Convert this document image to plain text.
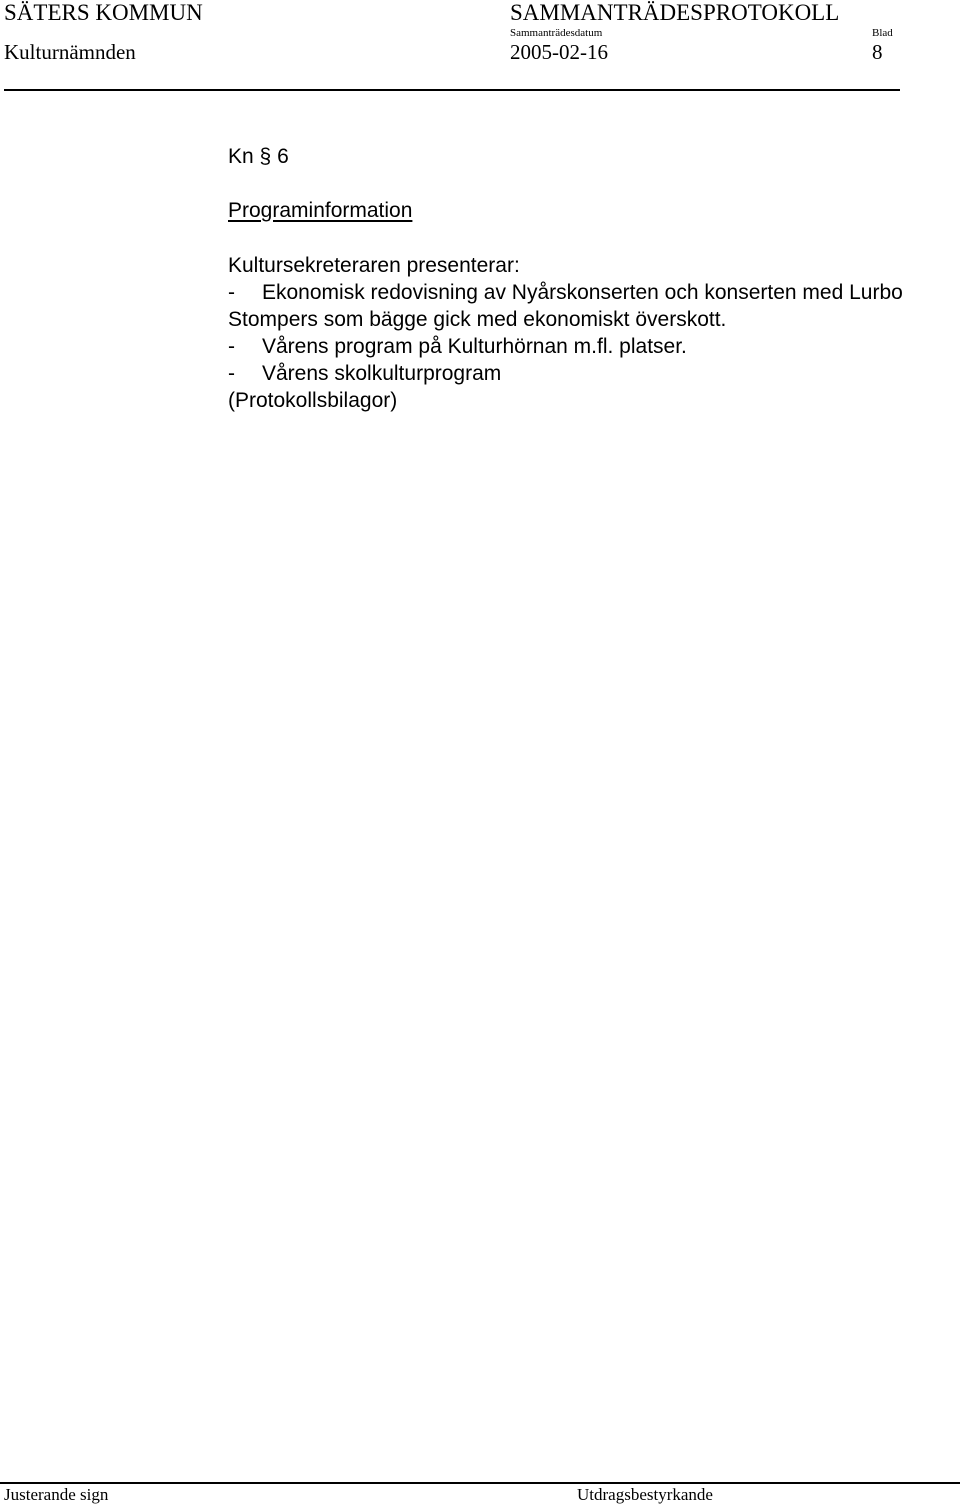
SÄTERS KOMMUN	SAMMANTRÄDESPROTOKOLL
Sammanträdesdatum	Blad
Kulturnämnden	2005-02-16	8
Kn § 6
Programinformation
Kultursekreteraren presenterar:
- Ekonomisk redovisning av Nyårskonserten och konserten med Lurbo
Stompers som bägge gick med ekonomiskt överskott.
- Vårens program på Kulturhörnan m.fl. platser.
- Vårens skolkulturprogram
(Protokollsbilagor)
Justerande sign	Utdragsbestyrkande
